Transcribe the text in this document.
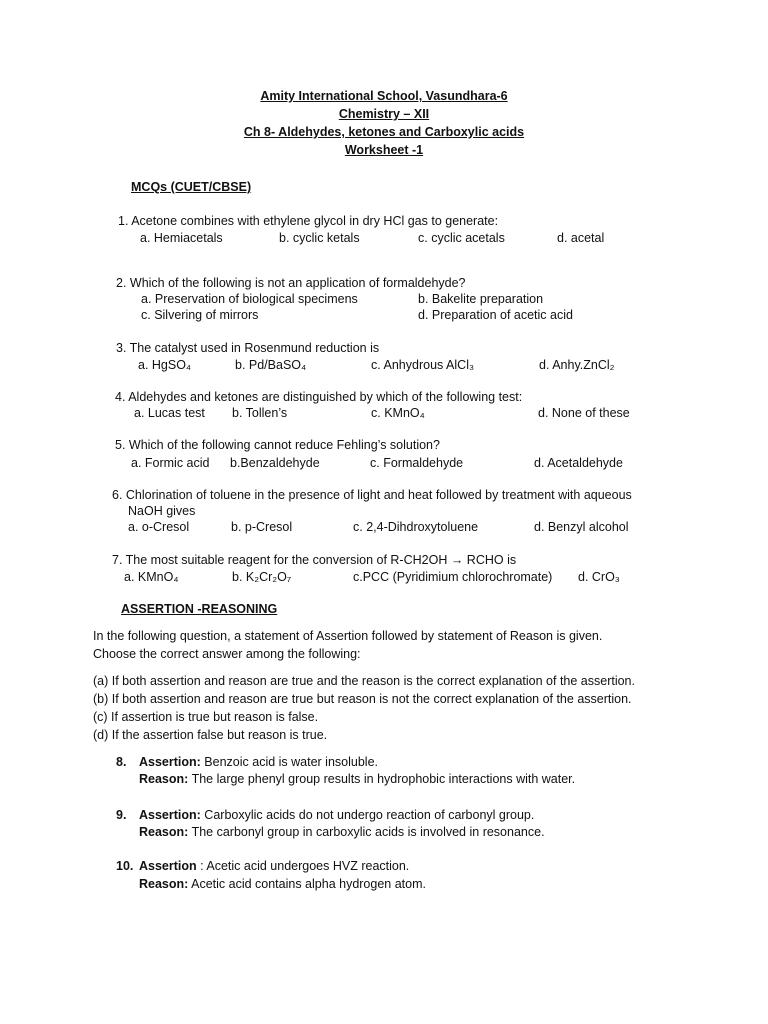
Amity International School, Vasundhara-6
Chemistry – XII
Ch 8- Aldehydes, ketones and Carboxylic acids
Worksheet -1
MCQs (CUET/CBSE)
1. Acetone combines with ethylene glycol in dry HCl gas to generate:
a. Hemiacetals	b. cyclic ketals	c. cyclic acetals	d. acetal
2. Which of the following is not an application of formaldehyde?
a. Preservation of biological specimens	b. Bakelite preparation
c. Silvering of mirrors	d. Preparation of acetic acid
3. The catalyst used in Rosenmund reduction is
a. HgSO₄	b. Pd/BaSO₄	c. Anhydrous AlCl₃	d. Anhy.ZnCl₂
4. Aldehydes and ketones are distinguished by which of the following test:
a. Lucas test b. Tollen’s	c. KMnO₄	d. None of these
5. Which of the following cannot reduce Fehling’s solution?
a. Formic acid b.Benzaldehyde	c. Formaldehyde	d. Acetaldehyde
6. Chlorination of toluene in the presence of light and heat followed by treatment with aqueous
NaOH gives
a. o-Cresol	b. p-Cresol	c. 2,4-Dihdroxytoluene	d. Benzyl alcohol
7. The most suitable reagent for the conversion of R-CH2OH → RCHO is
a. KMnO₄	b. K₂Cr₂O₇	c.PCC (Pyridimium chlorochromate) d. CrO₃
ASSERTION -REASONING
In the following question, a statement of Assertion followed by statement of Reason is given.
Choose the correct answer among the following:
(a) If both assertion and reason are true and the reason is the correct explanation of the assertion.
(b) If both assertion and reason are true but reason is not the correct explanation of the assertion.
(c) If assertion is true but reason is false.
(d) If the assertion false but reason is true.
8. Assertion: Benzoic acid is water insoluble.
Reason: The large phenyl group results in hydrophobic interactions with water.
9. Assertion: Carboxylic acids do not undergo reaction of carbonyl group.
Reason: The carbonyl group in carboxylic acids is involved in resonance.
10. Assertion : Acetic acid undergoes HVZ reaction.
Reason: Acetic acid contains alpha hydrogen atom.
